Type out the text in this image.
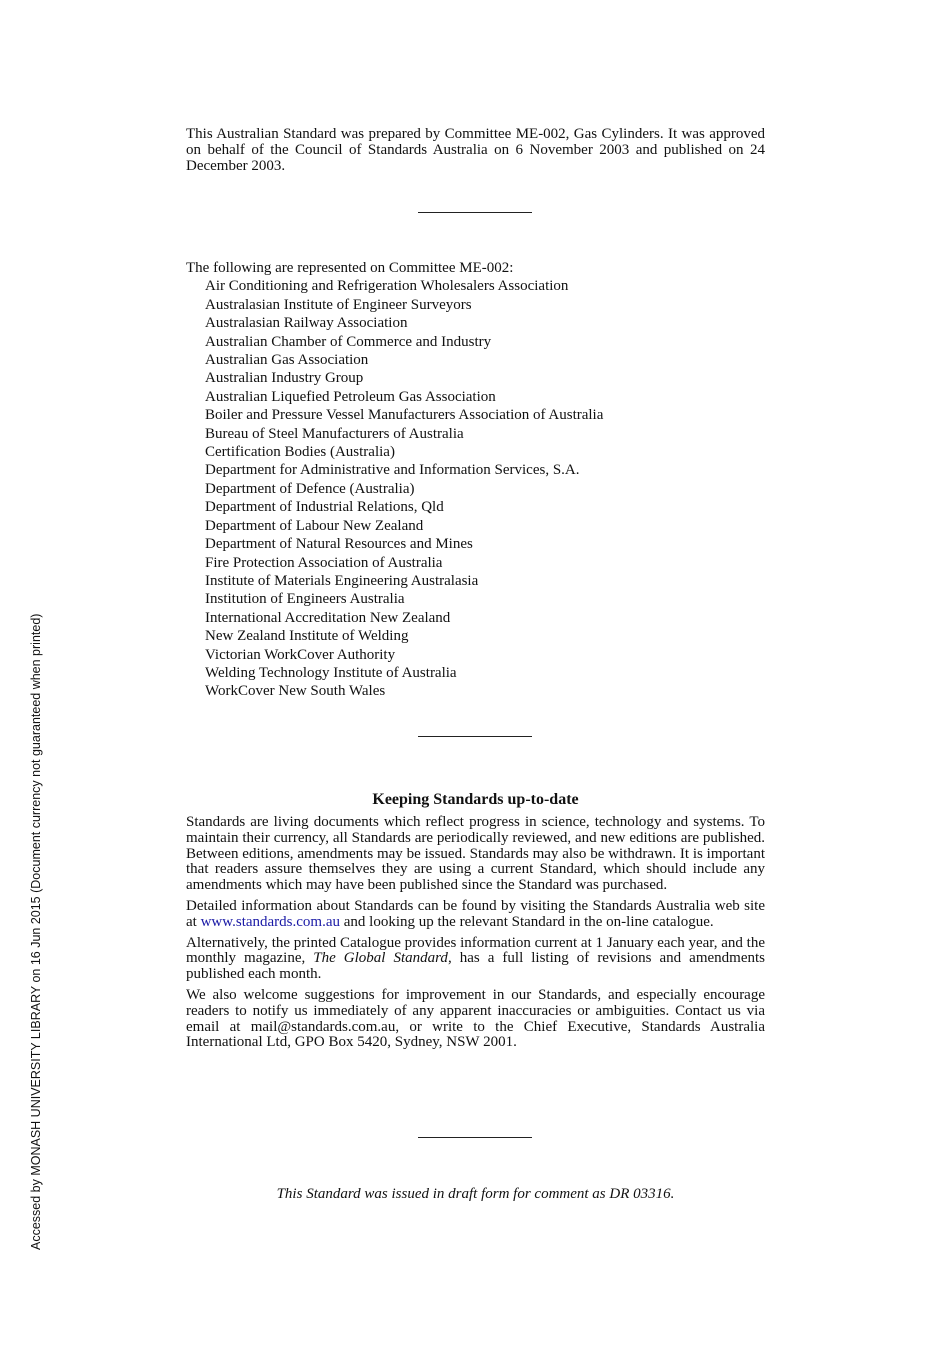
This Australian Standard was prepared by Committee ME-002, Gas Cylinders. It was approved on behalf of the Council of Standards Australia on 6 November 2003 and published on 24 December 2003.
The following are represented on Committee ME-002:
Air Conditioning and Refrigeration Wholesalers Association
Australasian Institute of Engineer Surveyors
Australasian Railway Association
Australian Chamber of Commerce and Industry
Australian Gas Association
Australian Industry Group
Australian Liquefied Petroleum Gas Association
Boiler and Pressure Vessel Manufacturers Association of Australia
Bureau of Steel Manufacturers of Australia
Certification Bodies (Australia)
Department for Administrative and Information Services, S.A.
Department of Defence (Australia)
Department of Industrial Relations, Qld
Department of Labour New Zealand
Department of Natural Resources and Mines
Fire Protection Association of Australia
Institute of Materials Engineering Australasia
Institution of Engineers Australia
International Accreditation New Zealand
New Zealand Institute of Welding
Victorian WorkCover Authority
Welding Technology Institute of Australia
WorkCover New South Wales
Keeping Standards up-to-date

Standards are living documents which reflect progress in science, technology and systems. To maintain their currency, all Standards are periodically reviewed, and new editions are published. Between editions, amendments may be issued. Standards may also be withdrawn. It is important that readers assure themselves they are using a current Standard, which should include any amendments which may have been published since the Standard was purchased.

Detailed information about Standards can be found by visiting the Standards Australia web site at www.standards.com.au and looking up the relevant Standard in the on-line catalogue.

Alternatively, the printed Catalogue provides information current at 1 January each year, and the monthly magazine, The Global Standard, has a full listing of revisions and amendments published each month.

We also welcome suggestions for improvement in our Standards, and especially encourage readers to notify us immediately of any apparent inaccuracies or ambiguities. Contact us via email at mail@standards.com.au, or write to the Chief Executive, Standards Australia International Ltd, GPO Box 5420, Sydney, NSW 2001.

This Standard was issued in draft form for comment as DR 03316.
Accessed by MONASH UNIVERSITY LIBRARY on 16 Jun 2015 (Document currency not guaranteed when printed)
